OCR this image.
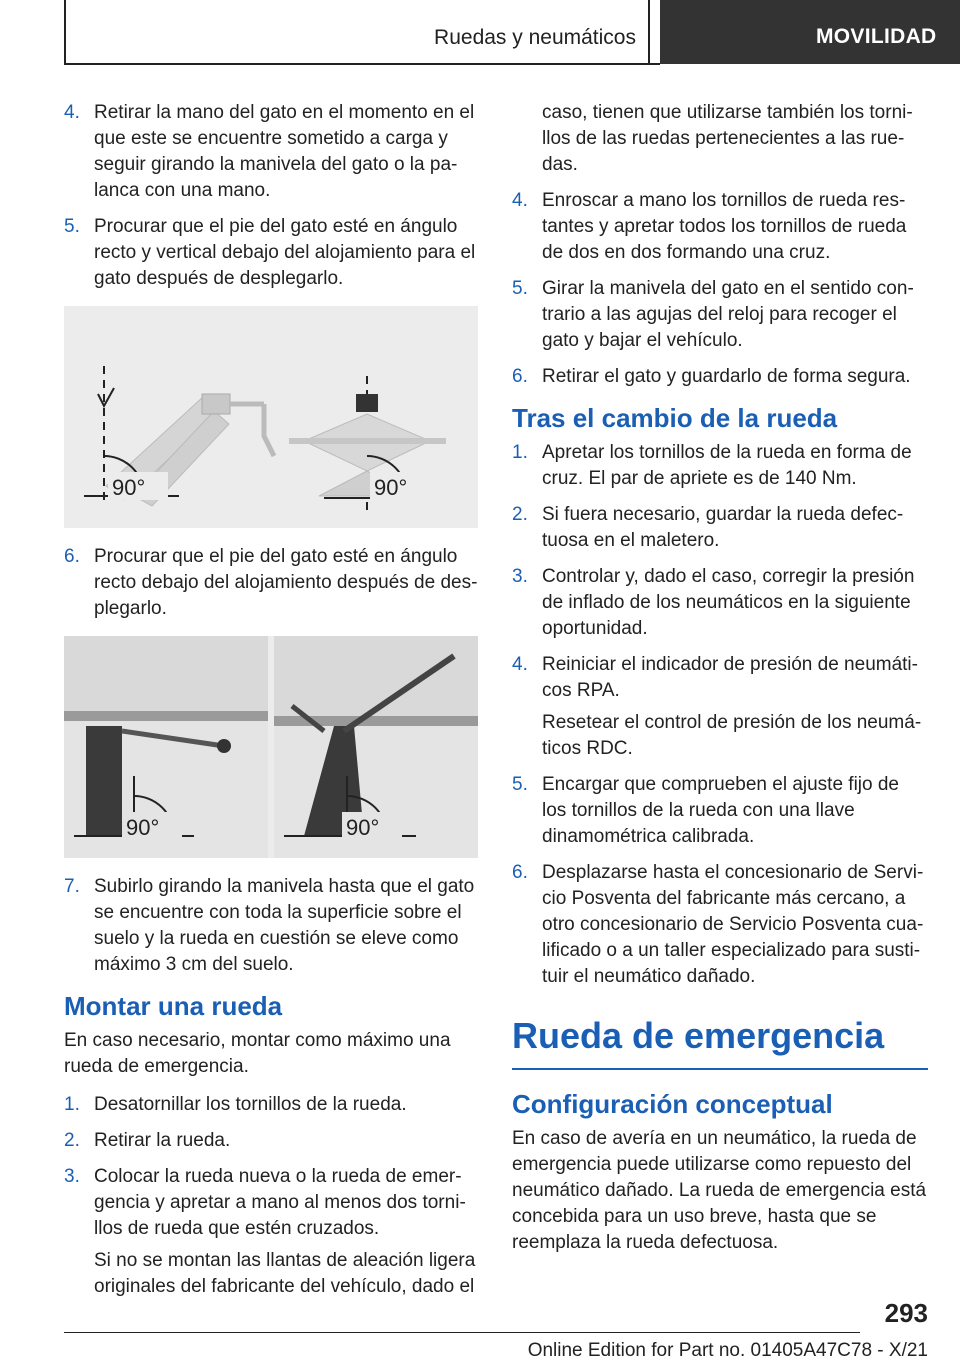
Ruedas y neumáticos	MOVILIDAD
4. Retirar la mano del gato en el momento en el que este se encuentre sometido a carga y seguir girando la manivela del gato o la palanca con una mano.
5. Procurar que el pie del gato esté en ángulo recto y vertical debajo del alojamiento para el gato después de desplegarlo.
90°	90°
6. Procurar que el pie del gato esté en ángulo recto debajo del alojamiento después de desplegarlo.
90°	90°
7. Subirlo girando la manivela hasta que el gato se encuentre con toda la superficie sobre el suelo y la rueda en cuestión se eleve como máximo 3 cm del suelo.
Montar una rueda

En caso necesario, montar como máximo una rueda de emergencia.

1. Desatornillar los tornillos de la rueda.
2. Retirar la rueda.
3. Colocar la rueda nueva o la rueda de emergencia y apretar a mano al menos dos tornillos de rueda que estén cruzados.
Si no se montan las llantas de aleación ligera originales del fabricante del vehículo, dado el
caso, tienen que utilizarse también los tornillos de las ruedas pertenecientes a las ruedas.
4. Enroscar a mano los tornillos de rueda restantes y apretar todos los tornillos de rueda de dos en dos formando una cruz.
5. Girar la manivela del gato en el sentido contrario a las agujas del reloj para recoger el gato y bajar el vehículo.
6. Retirar el gato y guardarlo de forma segura.
Tras el cambio de la rueda
1. Apretar los tornillos de la rueda en forma de cruz. El par de apriete es de 140 Nm.
2. Si fuera necesario, guardar la rueda defectuosa en el maletero.
3. Controlar y, dado el caso, corregir la presión de inflado de los neumáticos en la siguiente oportunidad.
4. Reiniciar el indicador de presión de neumáticos RPA.
Resetear el control de presión de los neumáticos RDC.
5. Encargar que comprueben el ajuste fijo de los tornillos de la rueda con una llave dinamométrica calibrada.
6. Desplazarse hasta el concesionario de Servicio Posventa del fabricante más cercano, a otro concesionario de Servicio Posventa cualificado o a un taller especializado para sustituir el neumático dañado.
Rueda de emergencia
Configuración conceptual

En caso de avería en un neumático, la rueda de emergencia puede utilizarse como repuesto del neumático dañado. La rueda de emergencia está concebida para un uso breve, hasta que se reemplaza la rueda defectuosa.

293
Online Edition for Part no. 01405A47C78 - X/21
